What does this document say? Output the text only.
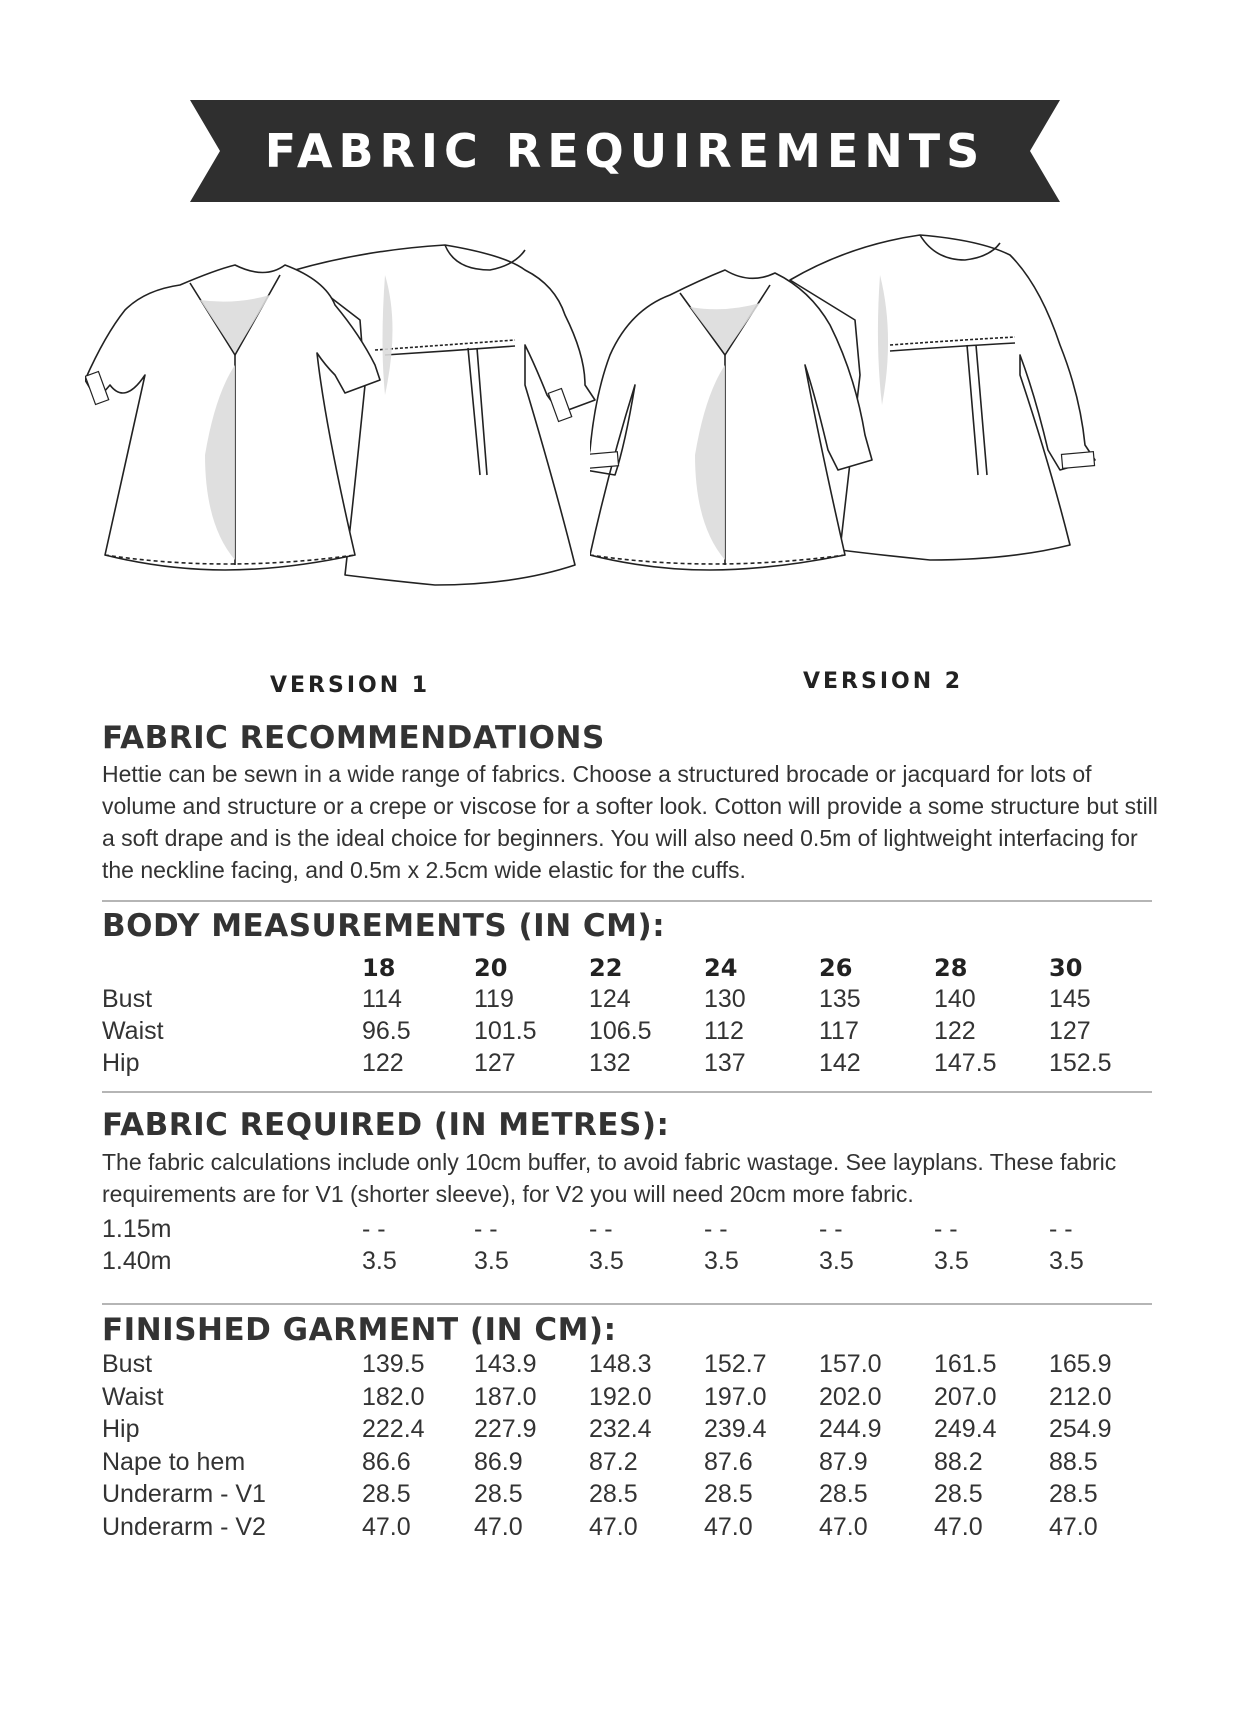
FABRIC REQUIREMENTS
VERSION 1	VERSION 2
FABRIC RECOMMENDATIONS

Hettie can be sewn in a wide range of fabrics. Choose a structured brocade or jacquard for lots of

volume and structure or a crepe or viscose for a softer look. Cotton will provide a some structure but still

a soft drape and is the ideal choice for beginners. You will also need 0.5m of lightweight interfacing for

the neckline facing, and 0.5m x 2.5cm wide elastic for the cuffs.

BODY MEASUREMENTS (IN CM):
18	20	22	24	26	28	30
Bust	114	119	124	130	135	140	145
Waist	96.5	101.5 106.5 112	117	122	127
Hip	122	127	132	137	142	147.5 152.5
FABRIC REQUIRED (IN METRES):

The fabric calculations include only 10cm buffer, to avoid fabric wastage. See layplans. These fabric

requirements are for V1 (shorter sleeve), for V2 you will need 20cm more fabric.

1.15m	- -	- -	- -	- -	- -	- -	- -
1.40m	3.5	3.5	3.5	3.5	3.5	3.5	3.5
FINISHED GARMENT (IN CM):
Bust	139.5 143.9 148.3 152.7 157.0 161.5 165.9
Waist	182.0 187.0 192.0 197.0 202.0 207.0 212.0
Hip	222.4 227.9 232.4 239.4 244.9 249.4 254.9
Nape to hem	86.6	86.9	87.2	87.6	87.9	88.2	88.5
Underarm - V1	28.5	28.5	28.5	28.5	28.5	28.5	28.5
Underarm - V2	47.0	47.0	47.0	47.0	47.0	47.0	47.0
